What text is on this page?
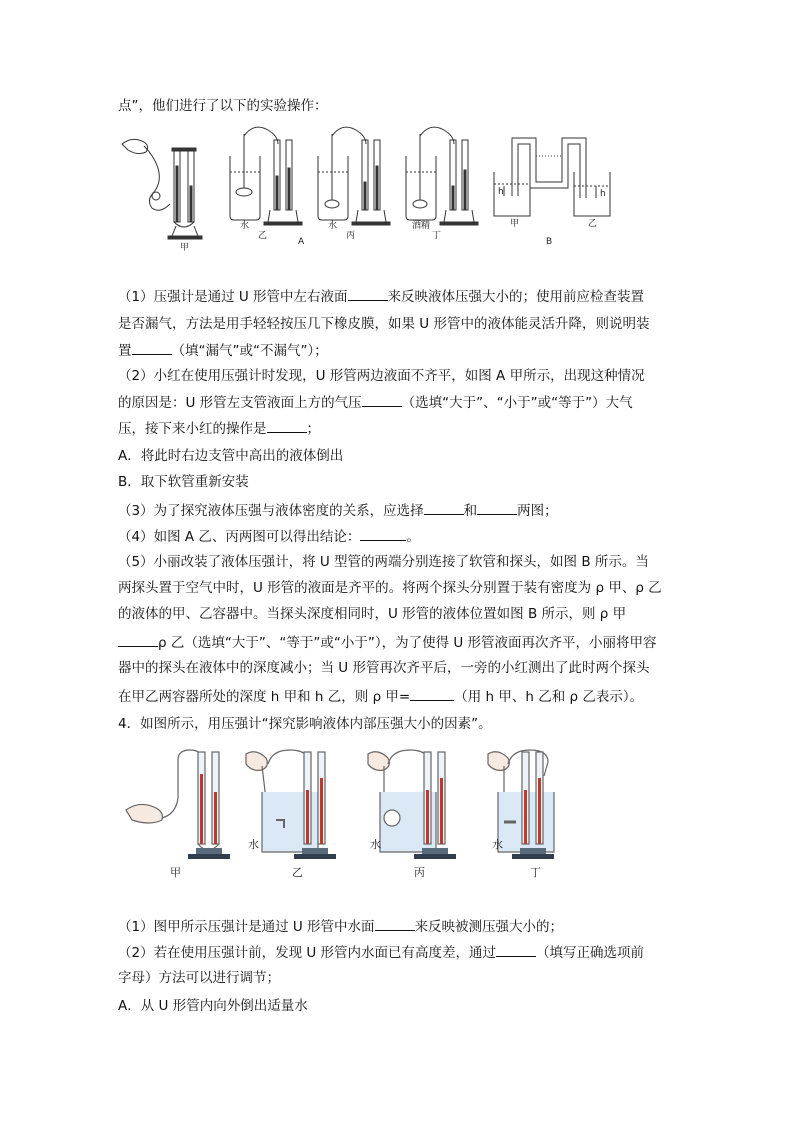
点”，他们进行了以下的实验操作：
甲
水
乙
A
水
丙
酒精
丁
h	h
甲
B
乙
（1）压强计是通过 U 形管中左右液面	来反映液体压强大小的；使用前应检查装置
是否漏气，方法是用手轻轻按压几下橡皮膜，如果 U 形管中的液体能灵活升降，则说明装
置	（填“漏气”或“不漏气”）；
（2）小红在使用压强计时发现，U 形管两边液面不齐平，如图 A 甲所示，出现这种情况
的原因是：U 形管左支管液面上方的气压	（选填“大于”、“小于”或“等于”）大气
压，接下来小红的操作是	；
A．将此时右边支管中高出的液体倒出
B．取下软管重新安装
（3）为了探究液体压强与液体密度的关系，应选择	和	两图；
（4）如图 A 乙、丙两图可以得出结论：	。
（5）小丽改装了液体压强计，将 U 型管的两端分别连接了软管和探头，如图 B 所示。当
两探头置于空气中时，U 形管的液面是齐平的。将两个探头分别置于装有密度为 ρ 甲、ρ 乙
的液体的甲、乙容器中。当探头深度相同时，U 形管的液体位置如图 B 所示，则 ρ 甲
ρ 乙（选填“大于”、“等于”或“小于”），为了使得 U 形管液面再次齐平，小丽将甲容
器中的探头在液体中的深度减小；当 U 形管再次齐平后，一旁的小红测出了此时两个探头
在甲乙两容器所处的深度 h 甲和 h 乙，则 ρ 甲=	（用 h 甲、h 乙和 ρ 乙表示）。
4．如图所示，用压强计“探究影响液体内部压强大小的因素”。
甲
水
乙
水
丙
水
丁
（1）图甲所示压强计是通过 U 形管中水面	来反映被测压强大小的；
（2）若在使用压强计前，发现 U 形管内水面已有高度差，通过	（填写正确选项前
字母）方法可以进行调节；
A．从 U 形管内向外倒出适量水
